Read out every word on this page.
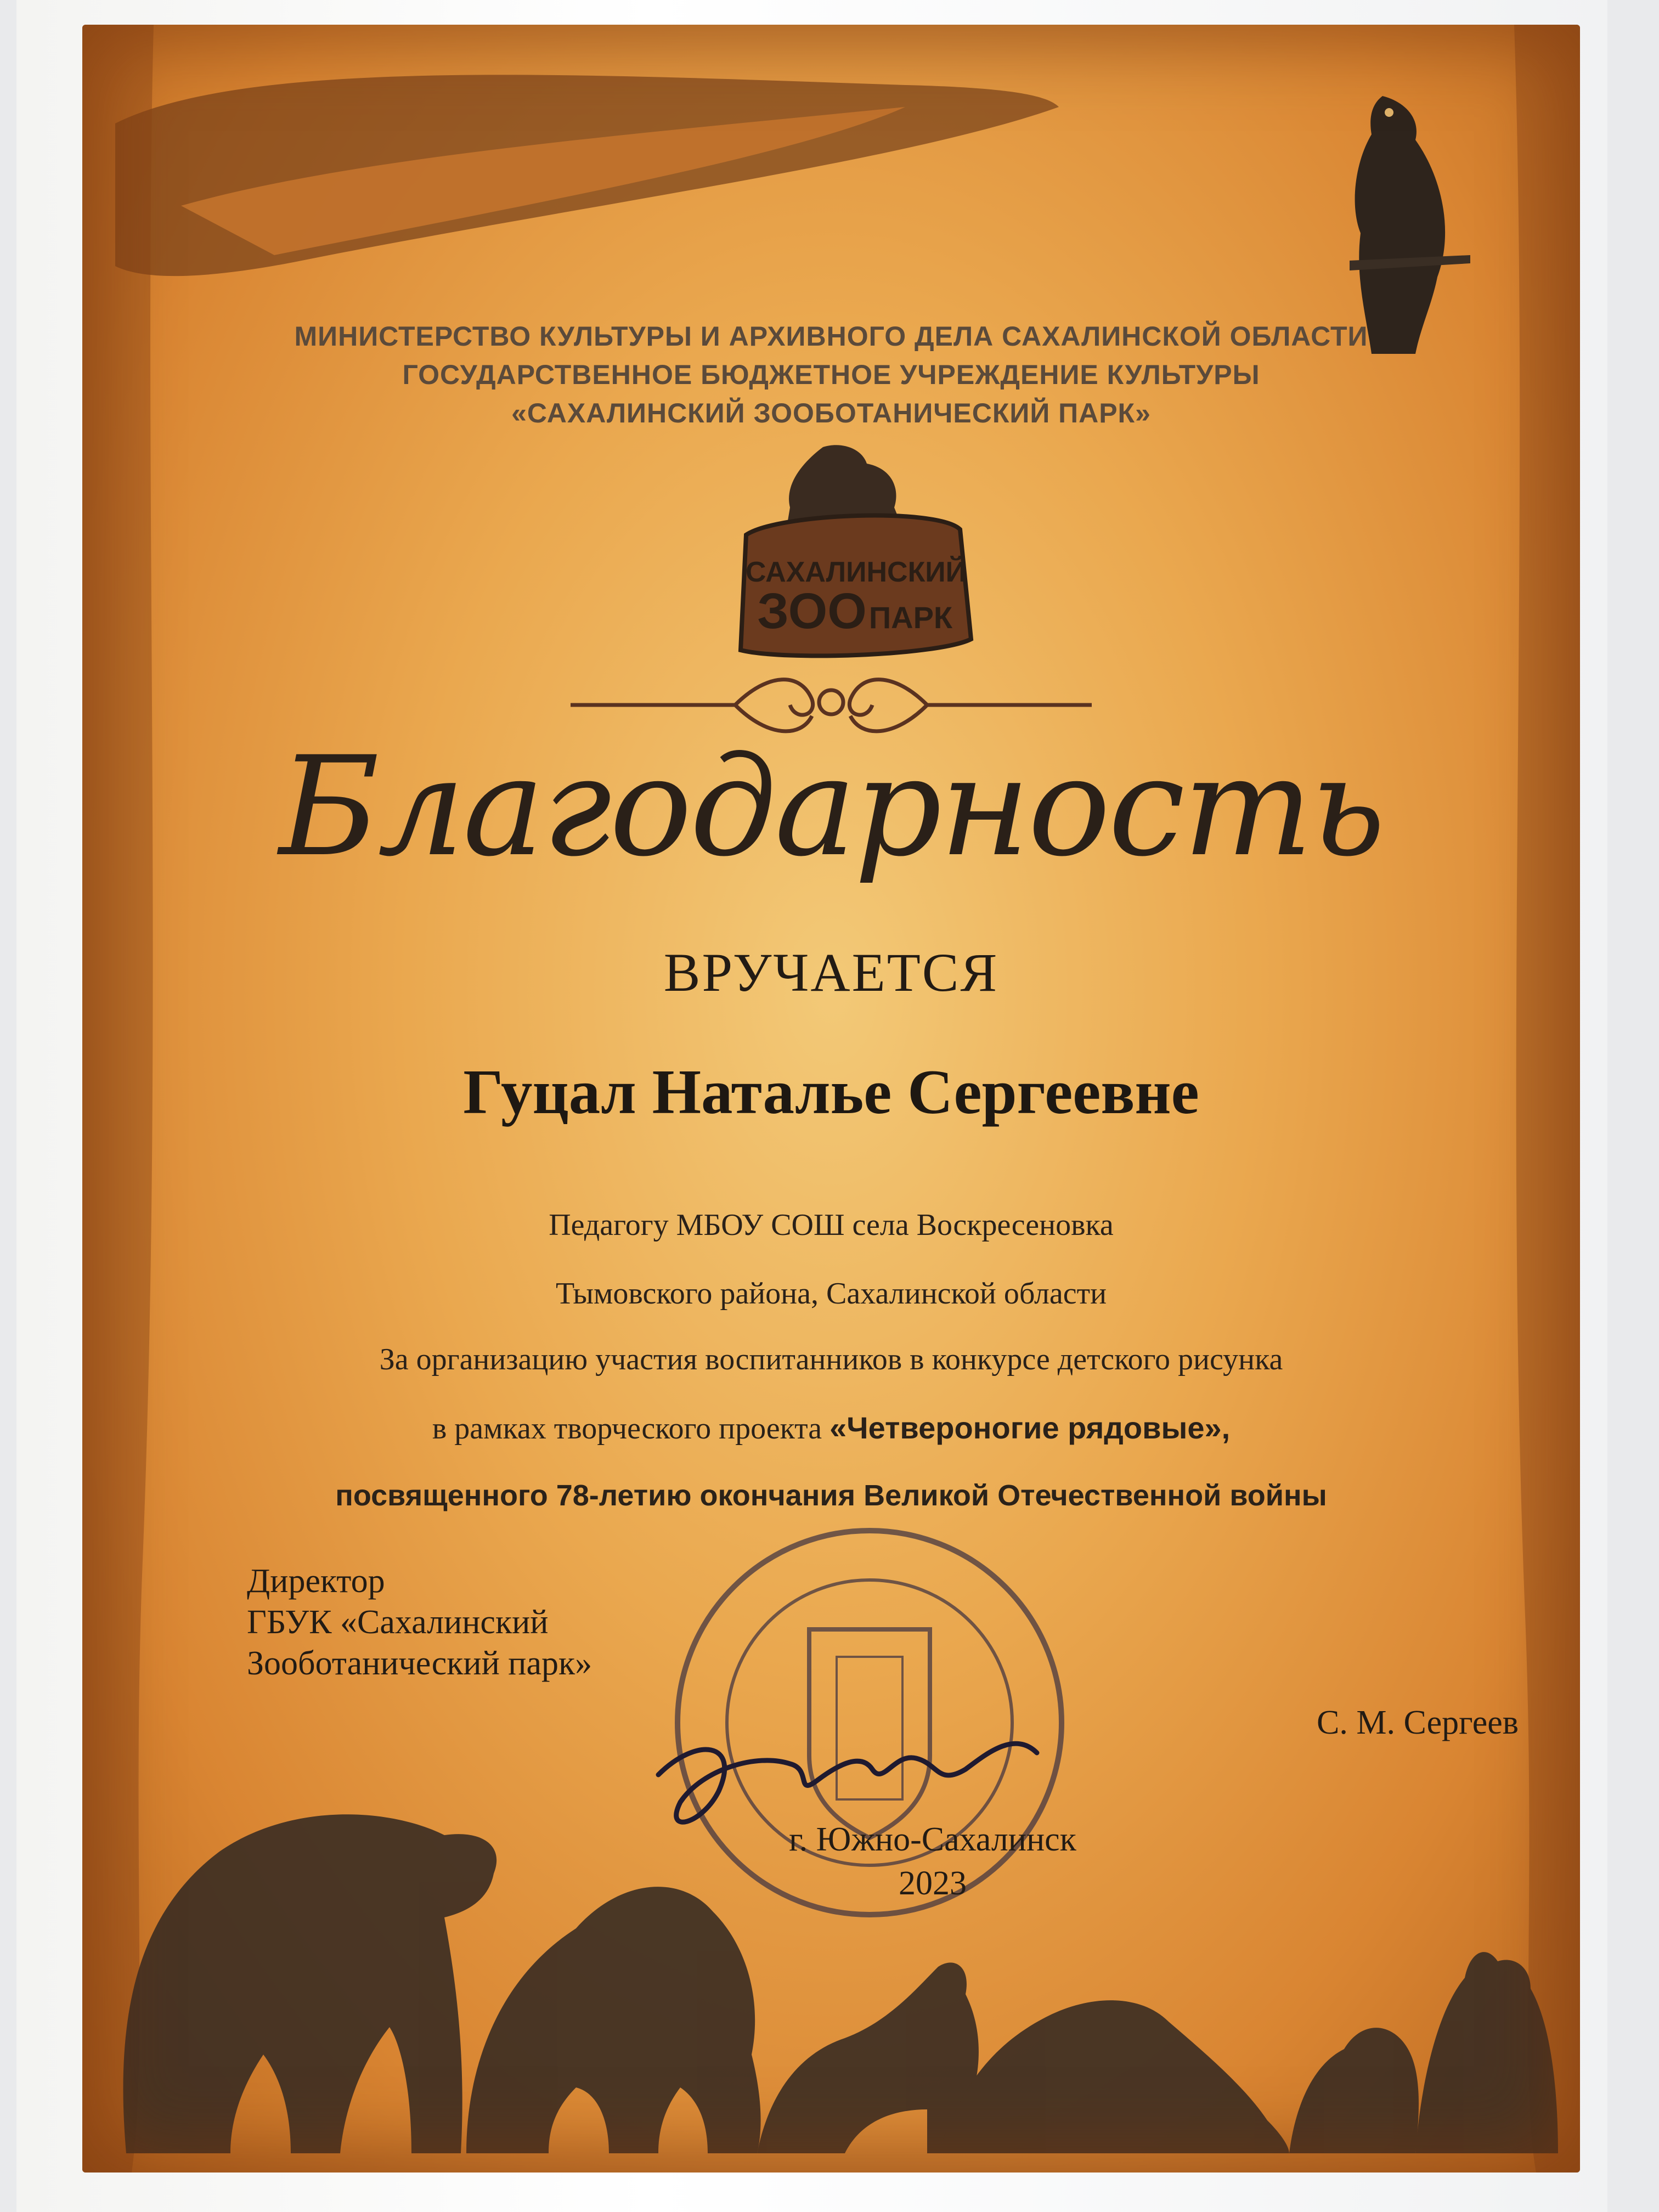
САХАЛИНСКИЙ
ЗОО ПАРК

МИНИСТЕРСТВО КУЛЬТУРЫ И АРХИВНОГО ДЕЛА САХАЛИНСКОЙ ОБЛАСТИ

ГОСУДАРСТВЕННОЕ БЮДЖЕТНОЕ УЧРЕЖДЕНИЕ КУЛЬТУРЫ

«САХАЛИНСКИЙ ЗООБОТАНИЧЕСКИЙ ПАРК»

Благодарность

ВРУЧАЕТСЯ

Гуцал Наталье Сергеевне

Педагогу МБОУ СОШ села Воскресеновка

Тымовского района, Сахалинской области

За организацию участия воспитанников в конкурсе детского рисунка

в рамках творческого проекта «Четвероногие рядовые»,

посвященного 78-летию окончания Великой Отечественной войны

Директор
ГБУК «Сахалинский
Зооботанический парк»
С. М. Сергеев
г. Южно-Сахалинск
2023
